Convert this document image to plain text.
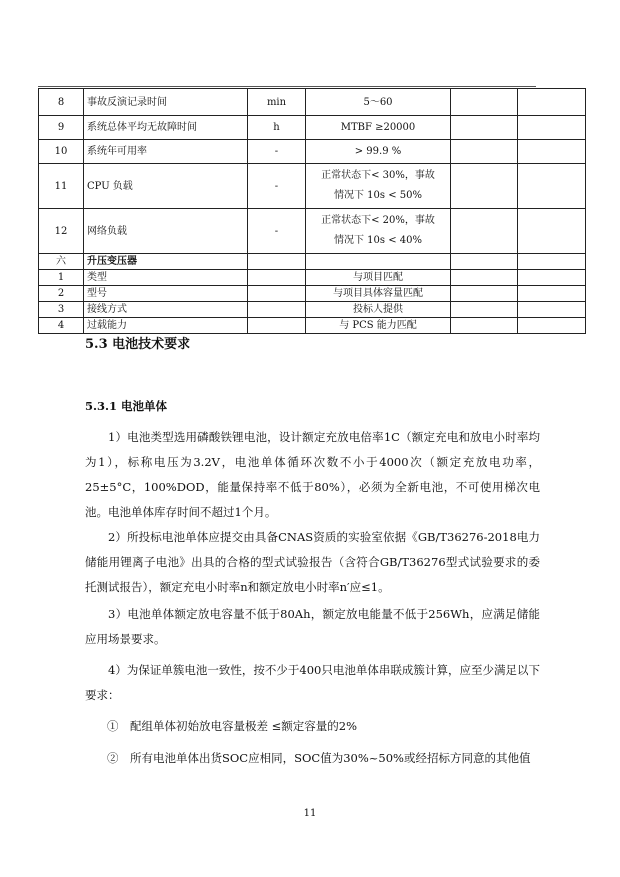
8	事故反演记录时间	min	5～60		

9	系统总体平均无故障时间	h	MTBF ≥20000		

10	系统年可用率	-	> 99.9 %		

11	CPU 负载	-	正常状态下< 30%，事故
情况下 10s < 50%		

12	网络负载	-	正常状态下< 20%，事故
情况下 10s < 40%		

六	升压变压器		

1	类型		与项目匹配		

2	型号		与项目具体容量匹配		

3	接线方式		投标人提供		

4	过载能力		与 PCS 能力匹配		

5.3 电池技术要求
5.3.1 电池单体

1）电池类型选用磷酸铁锂电池，设计额定充放电倍率1C（额定充电和放电小时率均为1），标称电压为3.2V，电池单体循环次数不小于4000次（额定充放电功率，25±5°C，100%DOD，能量保持率不低于80%），必须为全新电池，不可使用梯次电池。电池单体库存时间不超过1个月。

2）所投标电池单体应提交由具备CNAS资质的实验室依据《GB/T36276-2018电力储能用锂离子电池》出具的合格的型式试验报告（含符合GB/T36276型式试验要求的委托测试报告），额定充电小时率n和额定放电小时率n′应≤1。

3）电池单体额定放电容量不低于80Ah，额定放电能量不低于256Wh，应满足储能应用场景要求。

4）为保证单簇电池一致性，按不少于400只电池单体串联成簇计算，应至少满足以下要求：

①　配组单体初始放电容量极差 ≤额定容量的2%

②　所有电池单体出货SOC应相同，SOC值为30%~50%或经招标方同意的其他值

11
